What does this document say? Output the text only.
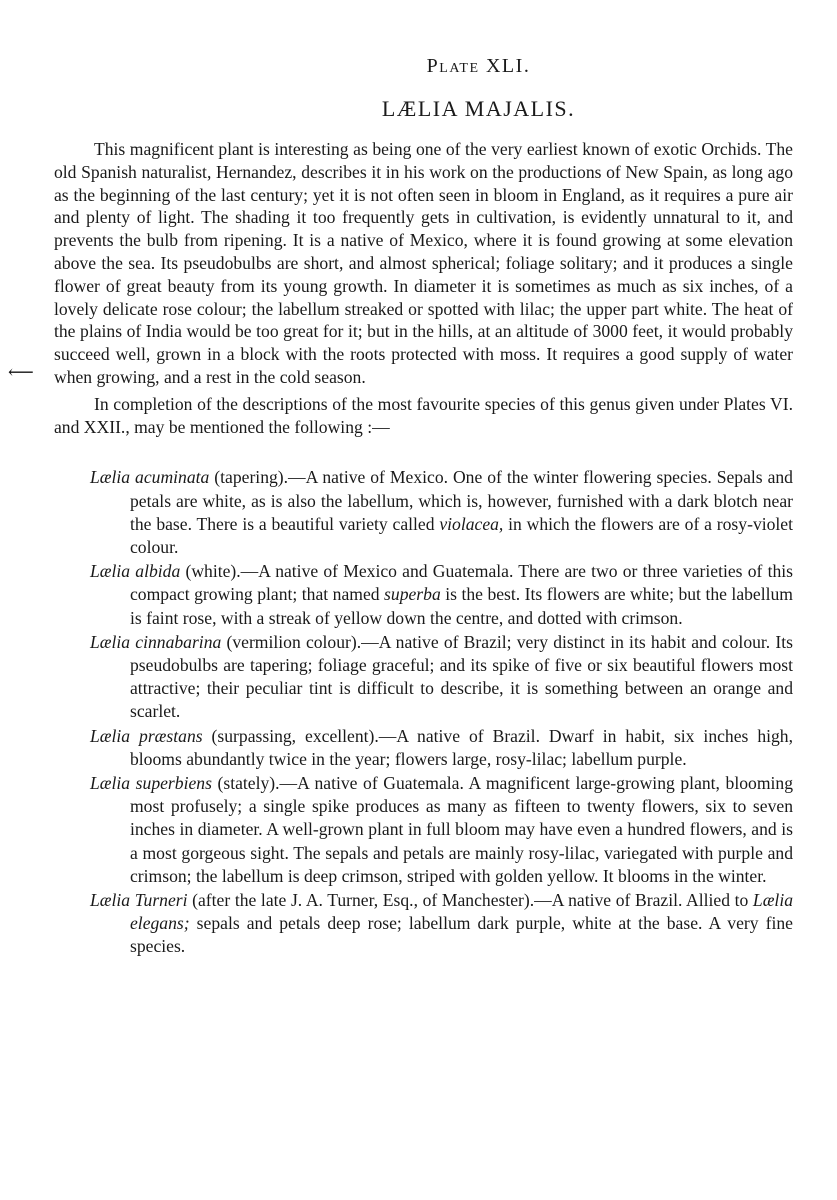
⟵
Plate XLI.
LÆLIA MAJALIS.

This magnificent plant is interesting as being one of the very earliest known of exotic Orchids. The old Spanish naturalist, Hernandez, describes it in his work on the productions of New Spain, as long ago as the beginning of the last century; yet it is not often seen in bloom in England, as it requires a pure air and plenty of light. The shading it too frequently gets in cultivation, is evidently unnatural to it, and prevents the bulb from ripening. It is a native of Mexico, where it is found growing at some elevation above the sea. Its pseudobulbs are short, and almost spherical; foliage solitary; and it produces a single flower of great beauty from its young growth. In diameter it is sometimes as much as six inches, of a lovely delicate rose colour; the labellum streaked or spotted with lilac; the upper part white. The heat of the plains of India would be too great for it; but in the hills, at an altitude of 3000 feet, it would probably succeed well, grown in a block with the roots protected with moss. It requires a good supply of water when growing, and a rest in the cold season.

In completion of the descriptions of the most favourite species of this genus given under Plates VI. and XXII., may be mentioned the following :—

Lælia acuminata (tapering).—A native of Mexico. One of the winter flowering species. Sepals and petals are white, as is also the labellum, which is, however, furnished with a dark blotch near the base. There is a beautiful variety called violacea, in which the flowers are of a rosy-violet colour.

Lælia albida (white).—A native of Mexico and Guatemala. There are two or three varieties of this compact growing plant; that named superba is the best. Its flowers are white; but the labellum is faint rose, with a streak of yellow down the centre, and dotted with crimson.

Lælia cinnabarina (vermilion colour).—A native of Brazil; very distinct in its habit and colour. Its pseudobulbs are tapering; foliage graceful; and its spike of five or six beautiful flowers most attractive; their peculiar tint is difficult to describe, it is something between an orange and scarlet.

Lælia præstans (surpassing, excellent).—A native of Brazil. Dwarf in habit, six inches high, blooms abundantly twice in the year; flowers large, rosy-lilac; labellum purple.

Lælia superbiens (stately).—A native of Guatemala. A magnificent large-growing plant, blooming most profusely; a single spike produces as many as fifteen to twenty flowers, six to seven inches in diameter. A well-grown plant in full bloom may have even a hundred flowers, and is a most gorgeous sight. The sepals and petals are mainly rosy-lilac, variegated with purple and crimson; the labellum is deep crimson, striped with golden yellow. It blooms in the winter.

Lælia Turneri (after the late J. A. Turner, Esq., of Manchester).—A native of Brazil. Allied to Lælia elegans; sepals and petals deep rose; labellum dark purple, white at the base. A very fine species.
